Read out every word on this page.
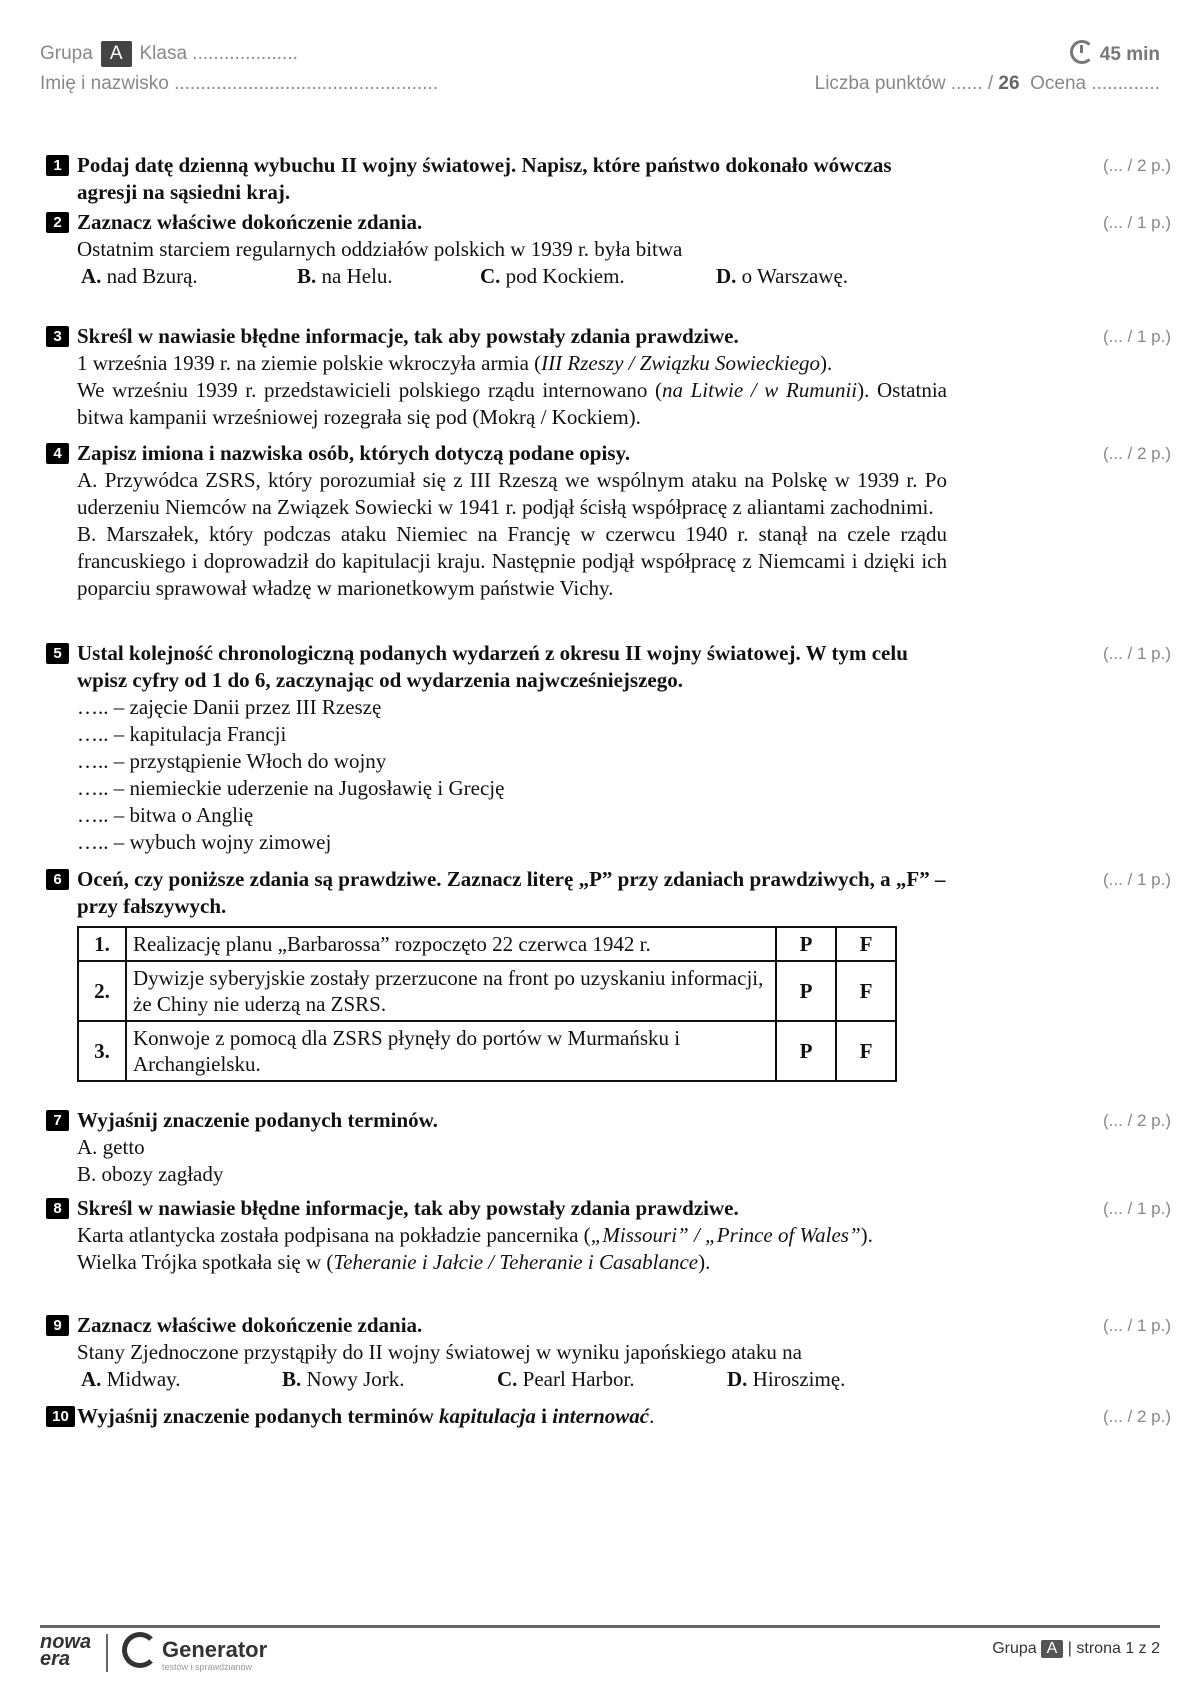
Grupa A Klasa ....................	45 min
Imię i nazwisko ..................................................	Liczba punktów ...... / 26 Ocena .............
1 Podaj datę dzienną wybuchu II wojny światowej. Napisz, które państwo dokonało wówczas agresji na sąsiedni kraj.
(... / 2 p.)
2 Zaznacz właściwe dokończenie zdania.
Ostatnim starciem regularnych oddziałów polskich w 1939 r. była bitwa
A. nad Bzurą.	B. na Helu.	C. pod Kockiem.	D. o Warszawę.
(... / 1 p.)
3 Skreśl w nawiasie błędne informacje, tak aby powstały zdania prawdziwe.
1 września 1939 r. na ziemie polskie wkroczyła armia (III Rzeszy / Związku Sowieckiego).
We wrześniu 1939 r. przedstawicieli polskiego rządu internowano (na Litwie / w Rumunii). Ostatnia bitwa kampanii wrześniowej rozegrała się pod (Mokrą / Kockiem).
(... / 1 p.)
4 Zapisz imiona i nazwiska osób, których dotyczą podane opisy.
A. Przywódca ZSRS, który porozumiał się z III Rzeszą we wspólnym ataku na Polskę w 1939 r. Po uderzeniu Niemców na Związek Sowiecki w 1941 r. podjął ścisłą współpracę z aliantami zachodnimi.
B. Marszałek, który podczas ataku Niemiec na Francję w czerwcu 1940 r. stanął na czele rządu francuskiego i doprowadził do kapitulacji kraju. Następnie podjął współpracę z Niemcami i dzięki ich poparciu sprawował władzę w marionetkowym państwie Vichy.
(... / 2 p.)
5 Ustal kolejność chronologiczną podanych wydarzeń z okresu II wojny światowej. W tym celu wpisz cyfry od 1 do 6, zaczynając od wydarzenia najwcześniejszego.
….. – zajęcie Danii przez III Rzeszę
….. – kapitulacja Francji
….. – przystąpienie Włoch do wojny
….. – niemieckie uderzenie na Jugosławię i Grecję
….. – bitwa o Anglię
….. – wybuch wojny zimowej
(... / 1 p.)
6 Oceń, czy poniższe zdania są prawdziwe. Zaznacz literę „P” przy zdaniach prawdziwych, a „F” – przy fałszywych.
1.	Realizację planu „Barbarossa” rozpoczęto 22 czerwca 1942 r.	P	F
2.	Dywizje syberyjskie zostały przerzucone na front po uzyskaniu informacji, że Chiny nie uderzą na ZSRS.	P	F
3.	Konwoje z pomocą dla ZSRS płynęły do portów w Murmańsku i Archangielsku.	P	F
(... / 1 p.)
7 Wyjaśnij znaczenie podanych terminów.
A. getto
B. obozy zagłady
(... / 2 p.)
8 Skreśl w nawiasie błędne informacje, tak aby powstały zdania prawdziwe.
Karta atlantycka została podpisana na pokładzie pancernika („Missouri” / „Prince of Wales”).
Wielka Trójka spotkała się w (Teheranie i Jałcie / Teheranie i Casablance).
(... / 1 p.)
9 Zaznacz właściwe dokończenie zdania.
Stany Zjednoczone przystąpiły do II wojny światowej w wyniku japońskiego ataku na
A. Midway.	B. Nowy Jork.	C. Pearl Harbor.	D. Hiroszimę.
(... / 1 p.)
10 Wyjaśnij znaczenie podanych terminów kapitulacja i internować.	(... / 2 p.)
nowa
era	Generator
testów i sprawdzianów
Grupa A | strona 1 z 2
